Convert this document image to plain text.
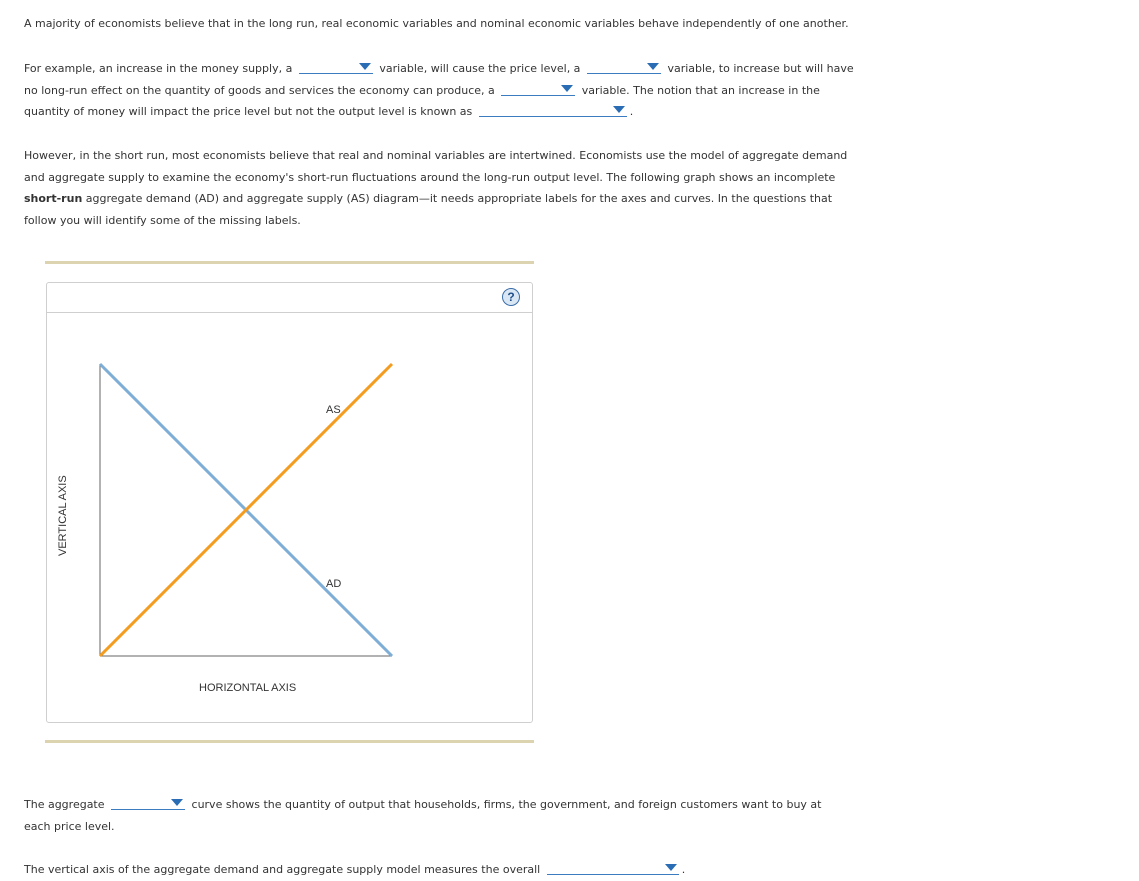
A majority of economists believe that in the long run, real economic variables and nominal economic variables behave independently of one another.
For example, an increase in the money supply, a	variable, will cause the price level, a	variable, to increase but will have no long-run effect on the quantity of goods and services the economy can produce, a	variable. The notion that an increase in the quantity of money will impact the price level but not the output level is known as	.
However, in the short run, most economists believe that real and nominal variables are intertwined. Economists use the model of aggregate demand and aggregate supply to examine the economy's short-run fluctuations around the long-run output level. The following graph shows an incomplete short-run aggregate demand (AD) and aggregate supply (AS) diagram—it needs appropriate labels for the axes and curves. In the questions that follow you will identify some of the missing labels.
?
AS
AD
HORIZONTAL AXIS
VERTICAL AXIS
The aggregate	curve shows the quantity of output that households, firms, the government, and foreign customers want to buy at each price level.
The vertical axis of the aggregate demand and aggregate supply model measures the overall	.
